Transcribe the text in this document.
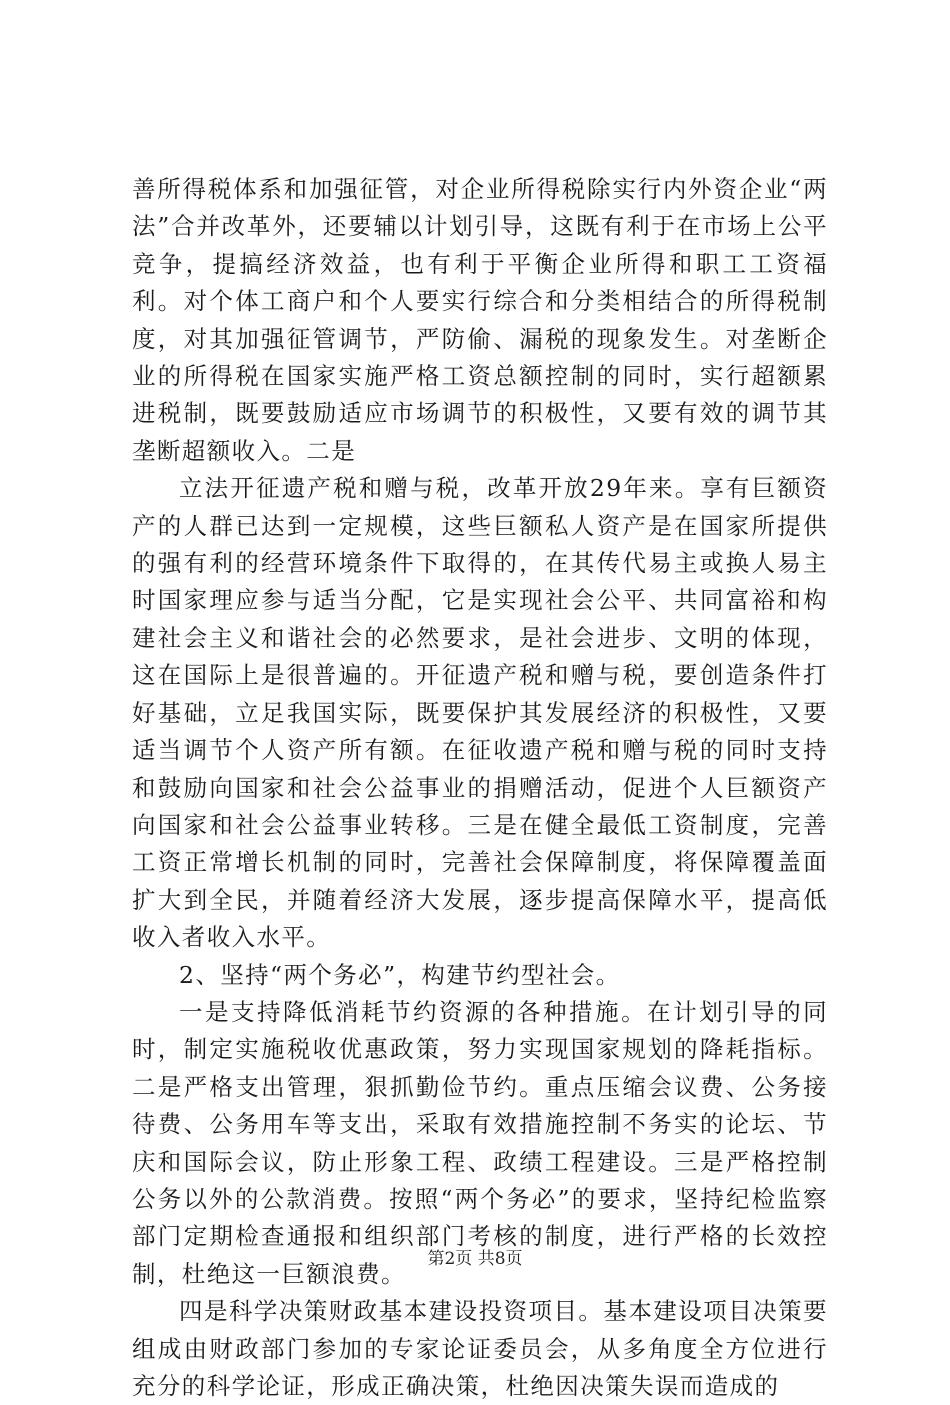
善所得税体系和加强征管，对企业所得税除实行内外资企业“两法”合并改革外，还要辅以计划引导，这既有利于在市场上公平竞争，提搞经济效益，也有利于平衡企业所得和职工工资福利。对个体工商户和个人要实行综合和分类相结合的所得税制度，对其加强征管调节，严防偷、漏税的现象发生。对垄断企业的所得税在国家实施严格工资总额控制的同时，实行超额累进税制，既要鼓励适应市场调节的积极性，又要有效的调节其垄断超额收入。二是

立法开征遗产税和赠与税，改革开放29年来。享有巨额资产的人群已达到一定规模，这些巨额私人资产是在国家所提供的强有利的经营环境条件下取得的，在其传代易主或换人易主时国家理应参与适当分配，它是实现社会公平、共同富裕和构建社会主义和谐社会的必然要求，是社会进步、文明的体现，这在国际上是很普遍的。开征遗产税和赠与税，要创造条件打好基础，立足我国实际，既要保护其发展经济的积极性，又要适当调节个人资产所有额。在征收遗产税和赠与税的同时支持和鼓励向国家和社会公益事业的捐赠活动，促进个人巨额资产向国家和社会公益事业转移。三是在健全最低工资制度，完善工资正常增长机制的同时，完善社会保障制度，将保障覆盖面扩大到全民，并随着经济大发展，逐步提高保障水平，提高低收入者收入水平。

2、坚持“两个务必”，构建节约型社会。

一是支持降低消耗节约资源的各种措施。在计划引导的同时，制定实施税收优惠政策，努力实现国家规划的降耗指标。二是严格支出管理，狠抓勤俭节约。重点压缩会议费、公务接待费、公务用车等支出，采取有效措施控制不务实的论坛、节庆和国际会议，防止形象工程、政绩工程建设。三是严格控制公务以外的公款消费。按照“两个务必”的要求，坚持纪检监察部门定期检查通报和组织部门考核的制度，进行严格的长效控制，杜绝这一巨额浪费。

四是科学决策财政基本建设投资项目。基本建设项目决策要组成由财政部门参加的专家论证委员会，从多角度全方位进行充分的科学论证，形成正确决策，杜绝因决策失误而造成的

第2页 共8页
